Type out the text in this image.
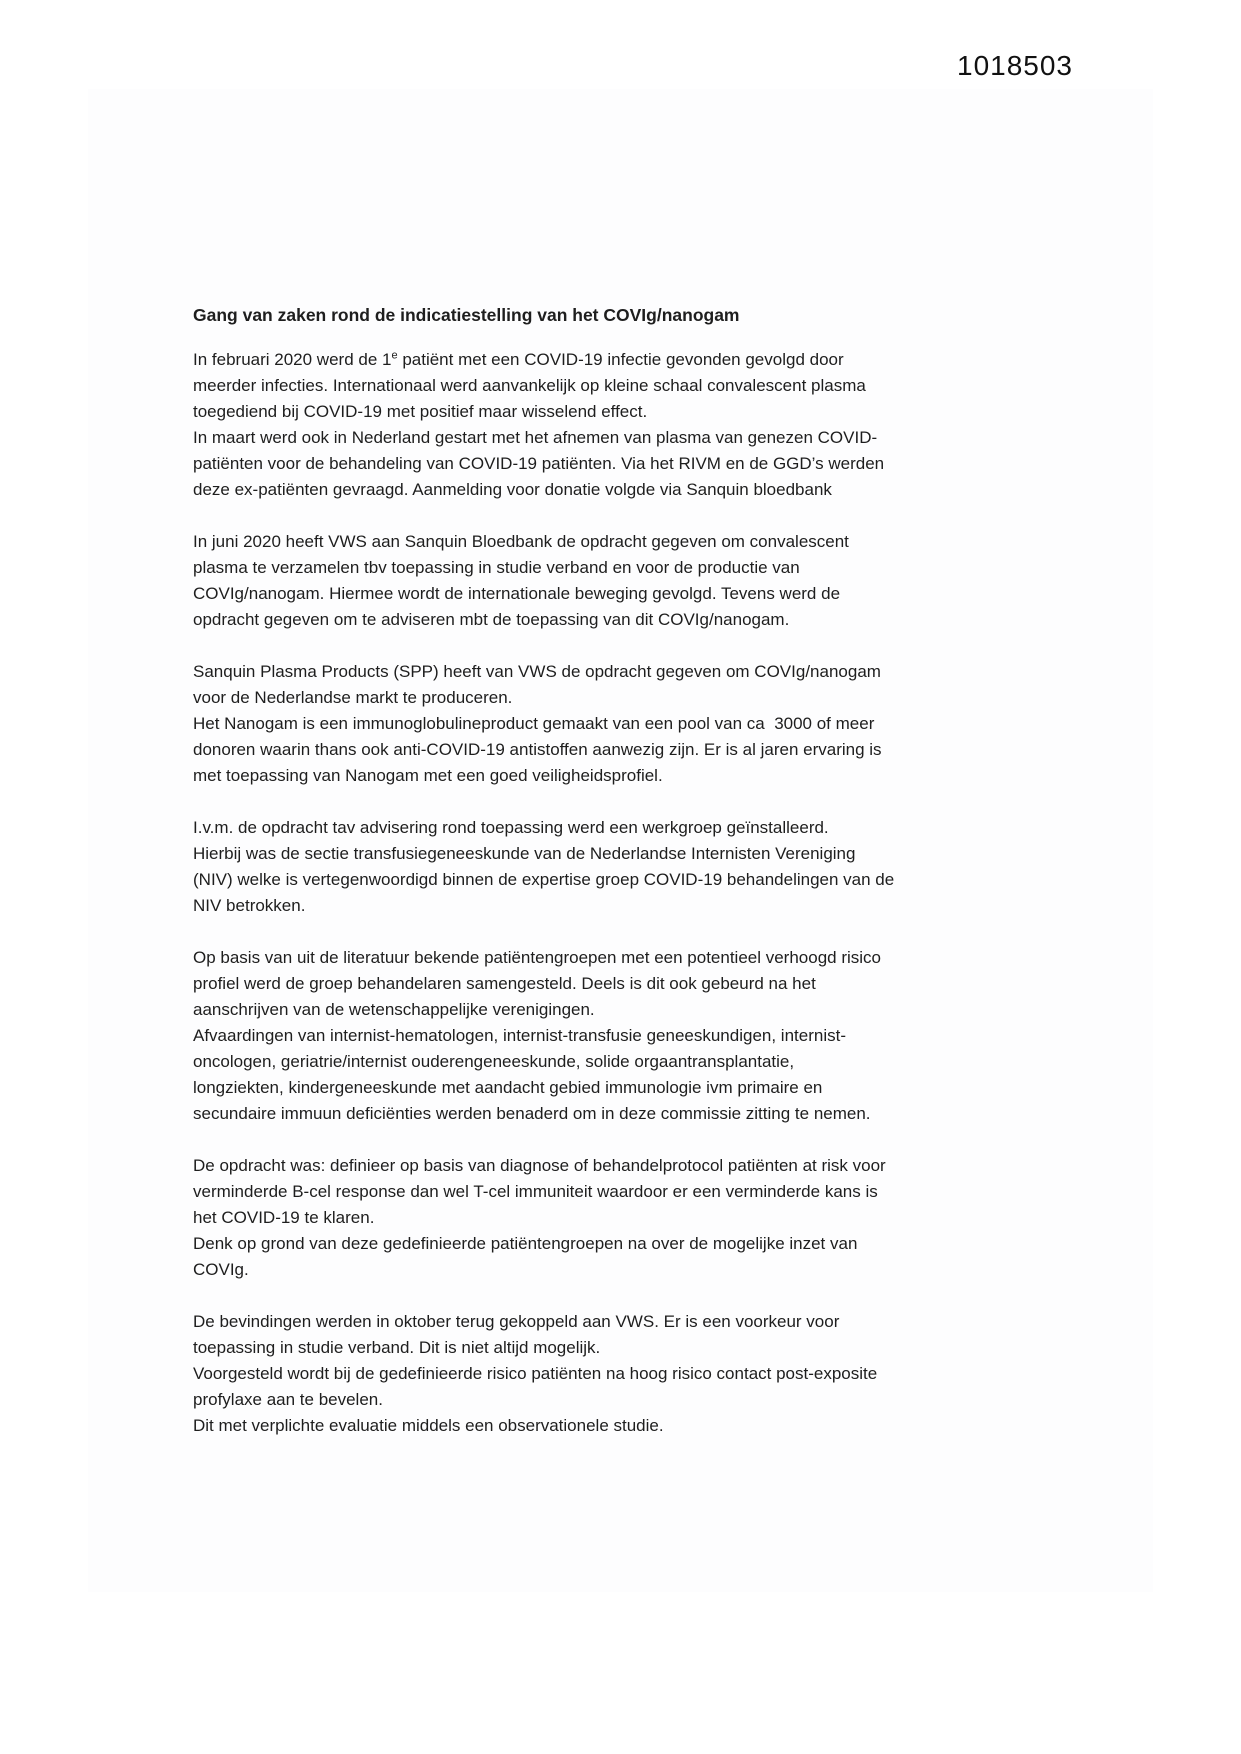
1018503
Gang van zaken rond de indicatiestelling van het COVIg/nanogam

In februari 2020 werd de 1e patiënt met een COVID-19 infectie gevonden gevolgd door
meerder infecties. Internationaal werd aanvankelijk op kleine schaal convalescent plasma
toegediend bij COVID-19 met positief maar wisselend effect.
In maart werd ook in Nederland gestart met het afnemen van plasma van genezen COVID-
patiënten voor de behandeling van COVID-19 patiënten. Via het RIVM en de GGD’s werden
deze ex-patiënten gevraagd. Aanmelding voor donatie volgde via Sanquin bloedbank

In juni 2020 heeft VWS aan Sanquin Bloedbank de opdracht gegeven om convalescent
plasma te verzamelen tbv toepassing in studie verband en voor de productie van
COVIg/nanogam. Hiermee wordt de internationale beweging gevolgd. Tevens werd de
opdracht gegeven om te adviseren mbt de toepassing van dit COVIg/nanogam.

Sanquin Plasma Products (SPP) heeft van VWS de opdracht gegeven om COVIg/nanogam
voor de Nederlandse markt te produceren.
Het Nanogam is een immunoglobulineproduct gemaakt van een pool van ca  3000 of meer
donoren waarin thans ook anti-COVID-19 antistoffen aanwezig zijn. Er is al jaren ervaring is
met toepassing van Nanogam met een goed veiligheidsprofiel.

I.v.m. de opdracht tav advisering rond toepassing werd een werkgroep geïnstalleerd.
Hierbij was de sectie transfusiegeneeskunde van de Nederlandse Internisten Vereniging
(NIV) welke is vertegenwoordigd binnen de expertise groep COVID-19 behandelingen van de
NIV betrokken.

Op basis van uit de literatuur bekende patiëntengroepen met een potentieel verhoogd risico
profiel werd de groep behandelaren samengesteld. Deels is dit ook gebeurd na het
aanschrijven van de wetenschappelijke verenigingen.
Afvaardingen van internist-hematologen, internist-transfusie geneeskundigen, internist-
oncologen, geriatrie/internist ouderengeneeskunde, solide orgaantransplantatie,
longziekten, kindergeneeskunde met aandacht gebied immunologie ivm primaire en
secundaire immuun deficiënties werden benaderd om in deze commissie zitting te nemen.

De opdracht was: definieer op basis van diagnose of behandelprotocol patiënten at risk voor
verminderde B-cel response dan wel T-cel immuniteit waardoor er een verminderde kans is
het COVID-19 te klaren.
Denk op grond van deze gedefinieerde patiëntengroepen na over de mogelijke inzet van
COVIg.

De bevindingen werden in oktober terug gekoppeld aan VWS. Er is een voorkeur voor
toepassing in studie verband. Dit is niet altijd mogelijk.
Voorgesteld wordt bij de gedefinieerde risico patiënten na hoog risico contact post-exposite
profylaxe aan te bevelen.
Dit met verplichte evaluatie middels een observationele studie.
